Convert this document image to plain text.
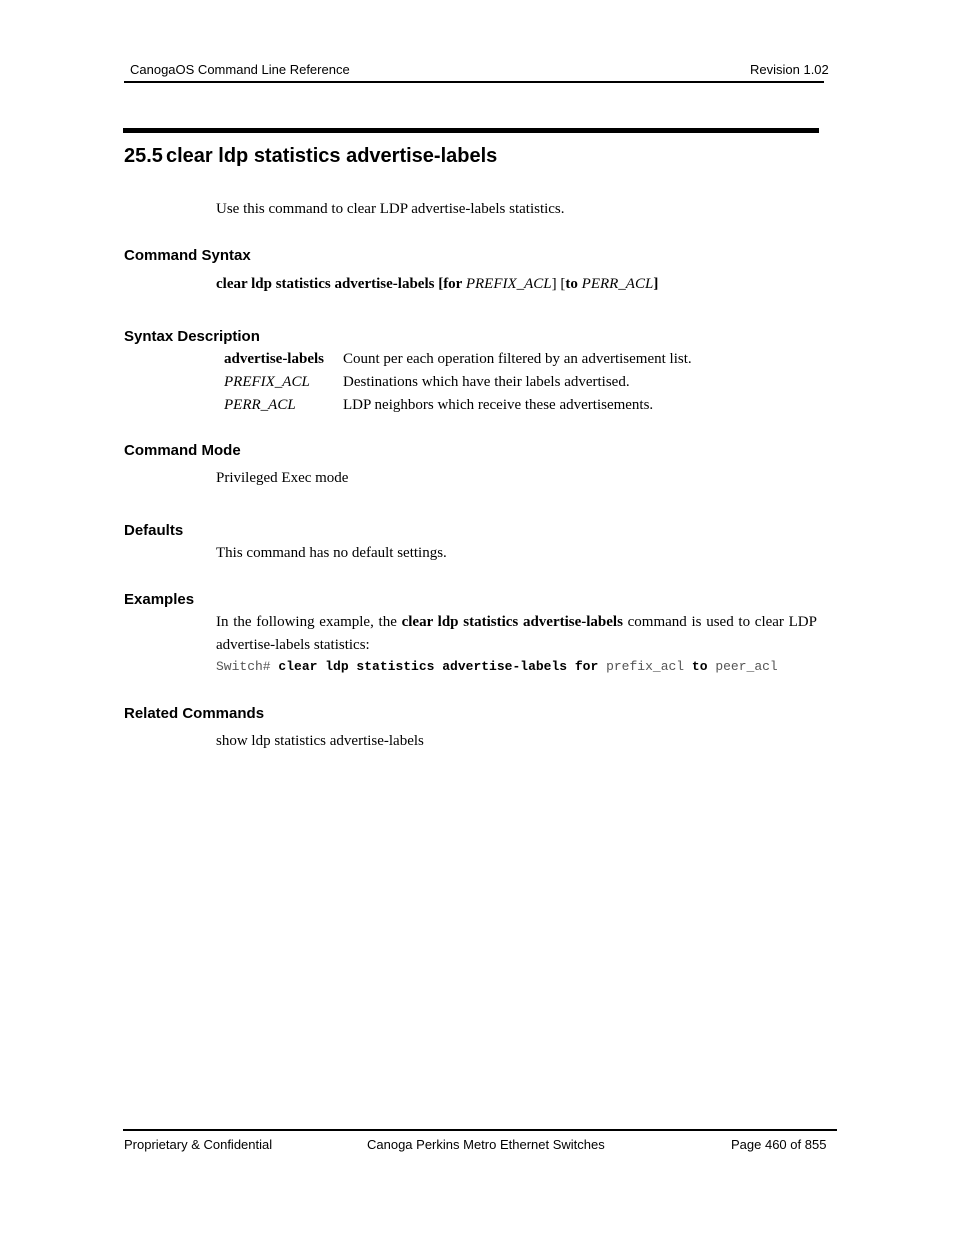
CanogaOS Command Line Reference	Revision 1.02
25.5 clear ldp statistics advertise-labels
Use this command to clear LDP advertise-labels statistics.
Command Syntax
clear ldp statistics advertise-labels [for PREFIX_ACL] [to PERR_ACL]
Syntax Description
advertise-labels	Count per each operation filtered by an advertisement list.
PREFIX_ACL	Destinations which have their labels advertised.
PERR_ACL	LDP neighbors which receive these advertisements.
Command Mode
Privileged Exec mode
Defaults
This command has no default settings.
Examples
In the following example, the clear ldp statistics advertise-labels command is used to clear LDP advertise-labels statistics:
Switch# clear ldp statistics advertise-labels for prefix_acl to peer_acl
Related Commands
show ldp statistics advertise-labels
Proprietary & Confidential	Canoga Perkins Metro Ethernet Switches	Page 460 of 855
